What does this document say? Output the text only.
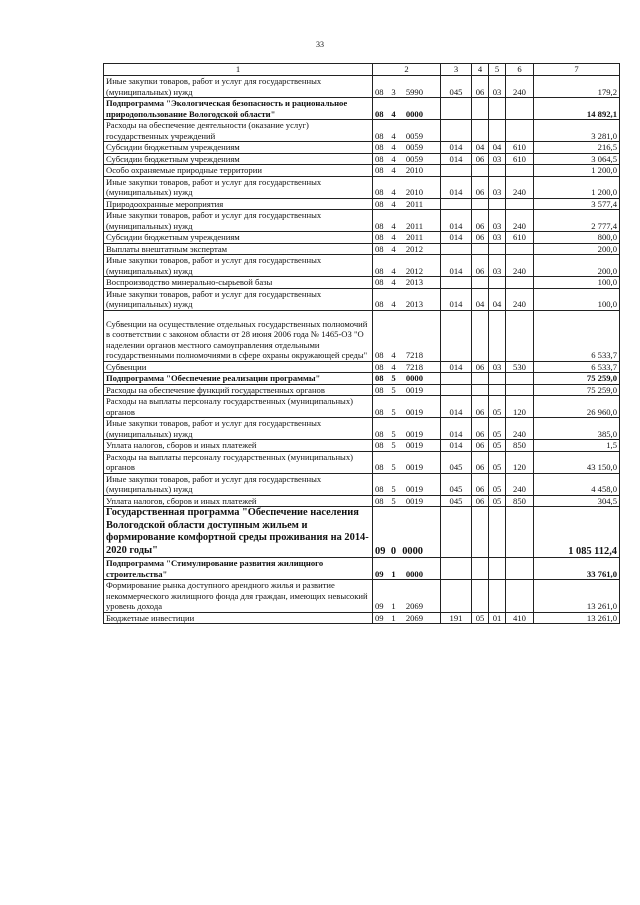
33
1	2	3	4	5	6	7
Иные закупки товаров, работ и услуг для государственных (муниципальных) нужд	08 3 5990	045	06	03	240	179,2
Подпрограмма "Экологическая безопасность и рациональное природопользование Вологодской области"	08 4 0000					14 892,1
Расходы на обеспечение деятельности (оказание услуг) государственных учреждений	08 4 0059					3 281,0
Субсидии бюджетным учреждениям	08 4 0059	014	04	04	610	216,5
Субсидии бюджетным учреждениям	08 4 0059	014	06	03	610	3 064,5
Особо охраняемые природные территории	08 4 2010					1 200,0
Иные закупки товаров, работ и услуг для государственных (муниципальных) нужд	08 4 2010	014	06	03	240	1 200,0
Природоохранные мероприятия	08 4 2011					3 577,4
Иные закупки товаров, работ и услуг для государственных (муниципальных) нужд	08 4 2011	014	06	03	240	2 777,4
Субсидии бюджетным учреждениям	08 4 2011	014	06	03	610	800,0
Выплаты внештатным экспертам	08 4 2012					200,0
Иные закупки товаров, работ и услуг для государственных (муниципальных) нужд	08 4 2012	014	06	03	240	200,0
Воспроизводство минерально-сырьевой базы	08 4 2013					100,0
Иные закупки товаров, работ и услуг для государственных (муниципальных) нужд	08 4 2013	014	04	04	240	100,0
Субвенции на осуществление отдельных государственных полномочий в соответствии с законом области от 28 июня 2006 года № 1465-ОЗ "О наделении органов местного самоуправления отдельными государственными полномочиями в сфере охраны окружающей среды"	08 4 7218					6 533,7
Субвенции	08 4 7218	014	06	03	530	6 533,7
Подпрограмма "Обеспечение реализации программы"	08 5 0000					75 259,0
Расходы на обеспечение функций государственных органов	08 5 0019					75 259,0
Расходы на выплаты персоналу государственных (муниципальных) органов	08 5 0019	014	06	05	120	26 960,0
Иные закупки товаров, работ и услуг для государственных (муниципальных) нужд	08 5 0019	014	06	05	240	385,0
Уплата налогов, сборов и иных платежей	08 5 0019	014	06	05	850	1,5
Расходы на выплаты персоналу государственных (муниципальных) органов	08 5 0019	045	06	05	120	43 150,0
Иные закупки товаров, работ и услуг для государственных (муниципальных) нужд	08 5 0019	045	06	05	240	4 458,0
Уплата налогов, сборов и иных платежей	08 5 0019	045	06	05	850	304,5
Государственная программа "Обеспечение населения Вологодской области доступным жильем и формирование комфортной среды проживания на 2014-2020 годы"	09 0 0000					1 085 112,4
Подпрограмма "Стимулирование развития жилищного строительства"	09 1 0000					33 761,0
Формирование рынка доступного арендного жилья и развитие некоммерческого жилищного фонда для граждан, имеющих невысокий уровень дохода	09 1 2069					13 261,0
Бюджетные инвестиции	09 1 2069	191	05	01	410	13 261,0
